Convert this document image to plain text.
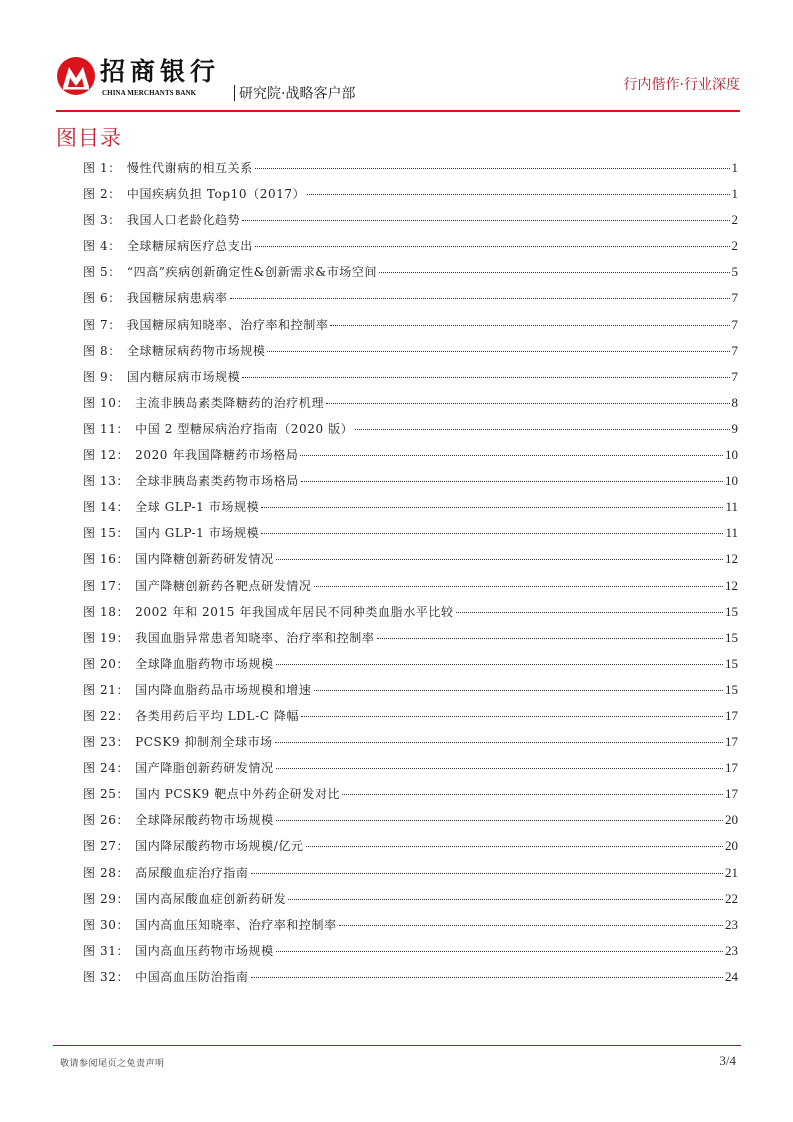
招商银行
CHINA MERCHANTS BANK	研究院·战略客户部
行内偕作·行业深度
图目录
图 1： 慢性代谢病的相互关系	1
图 2： 中国疾病负担 Top10（2017）	1
图 3： 我国人口老龄化趋势	2
图 4： 全球糖尿病医疗总支出	2
图 5： “四高”疾病创新确定性&创新需求&市场空间	5
图 6： 我国糖尿病患病率	7
图 7： 我国糖尿病知晓率、治疗率和控制率	7
图 8： 全球糖尿病药物市场规模	7
图 9： 国内糖尿病市场规模	7
图 10： 主流非胰岛素类降糖药的治疗机理	8
图 11： 中国 2 型糖尿病治疗指南（2020 版）	9
图 12： 2020 年我国降糖药市场格局	10
图 13： 全球非胰岛素类药物市场格局	10
图 14： 全球 GLP-1 市场规模	11
图 15： 国内 GLP-1 市场规模	11
图 16： 国内降糖创新药研发情况	12
图 17： 国产降糖创新药各靶点研发情况	12
图 18： 2002 年和 2015 年我国成年居民不同种类血脂水平比较	15
图 19： 我国血脂异常患者知晓率、治疗率和控制率	15
图 20： 全球降血脂药物市场规模	15
图 21： 国内降血脂药品市场规模和增速	15
图 22： 各类用药后平均 LDL-C 降幅	17
图 23： PCSK9 抑制剂全球市场	17
图 24： 国产降脂创新药研发情况	17
图 25： 国内 PCSK9 靶点中外药企研发对比	17
图 26： 全球降尿酸药物市场规模	20
图 27： 国内降尿酸药物市场规模/亿元	20
图 28： 高尿酸血症治疗指南	21
图 29： 国内高尿酸血症创新药研发	22
图 30： 国内高血压知晓率、治疗率和控制率	23
图 31： 国内高血压药物市场规模	23
图 32： 中国高血压防治指南	24
敬请参阅尾页之免责声明	3/4
